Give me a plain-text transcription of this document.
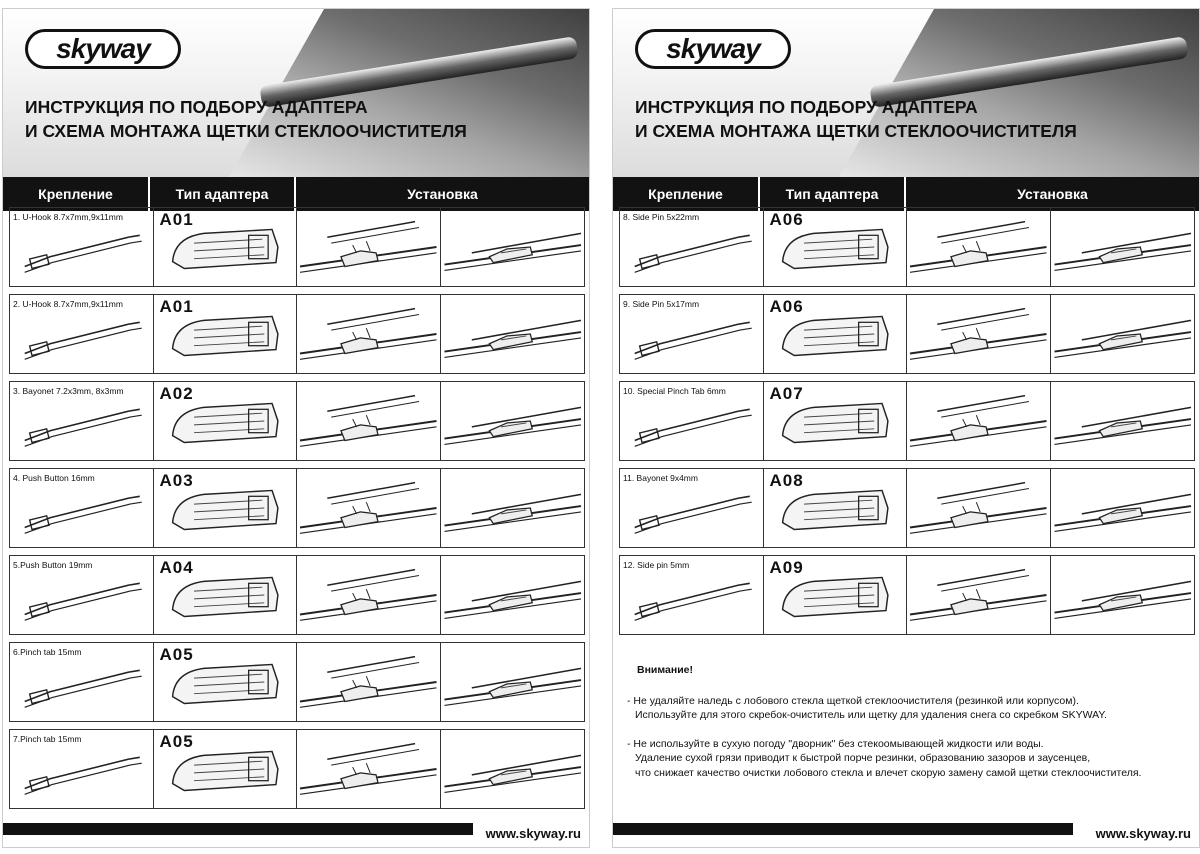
skyway
ИНСТРУКЦИЯ ПО ПОДБОРУ АДАПТЕРА
И СХЕМА МОНТАЖА ЩЕТКИ СТЕКЛООЧИСТИТЕЛЯ
Крепление	Тип адаптера	Установка
1. U-Hook 8.7x7mm,9x11mm	A01
2. U-Hook 8.7x7mm,9x11mm	A01
3. Bayonet 7.2x3mm, 8x3mm	A02
4. Push Button 16mm	A03
5.Push Button 19mm	A04
6.Pinch tab 15mm	A05
7.Pinch tab 15mm	A05
www.skyway.ru
skyway
ИНСТРУКЦИЯ ПО ПОДБОРУ АДАПТЕРА
И СХЕМА МОНТАЖА ЩЕТКИ СТЕКЛООЧИСТИТЕЛЯ
Крепление	Тип адаптера	Установка
8. Side Pin 5x22mm	A06
9. Side Pin 5x17mm	A06
10. Special Pinch Tab 6mm	A07
11. Bayonet 9x4mm	A08
12. Side pin 5mm	A09
Внимание!

- Не удаляйте наледь с лобового стекла щеткой стеклоочистителя (резинкой или корпусом).

Используйте для этого скребок-очиститель или щетку для удаления снега со скребком SKYWAY.

- Не используйте в сухую погоду "дворник" без стекоомывающей жидкости или воды.

Удаление сухой грязи приводит к быстрой порче резинки, образованию зазоров и заусенцев,

что снижает качество очистки лобового стекла и влечет скорую замену самой щетки стеклоочистителя.

www.skyway.ru
